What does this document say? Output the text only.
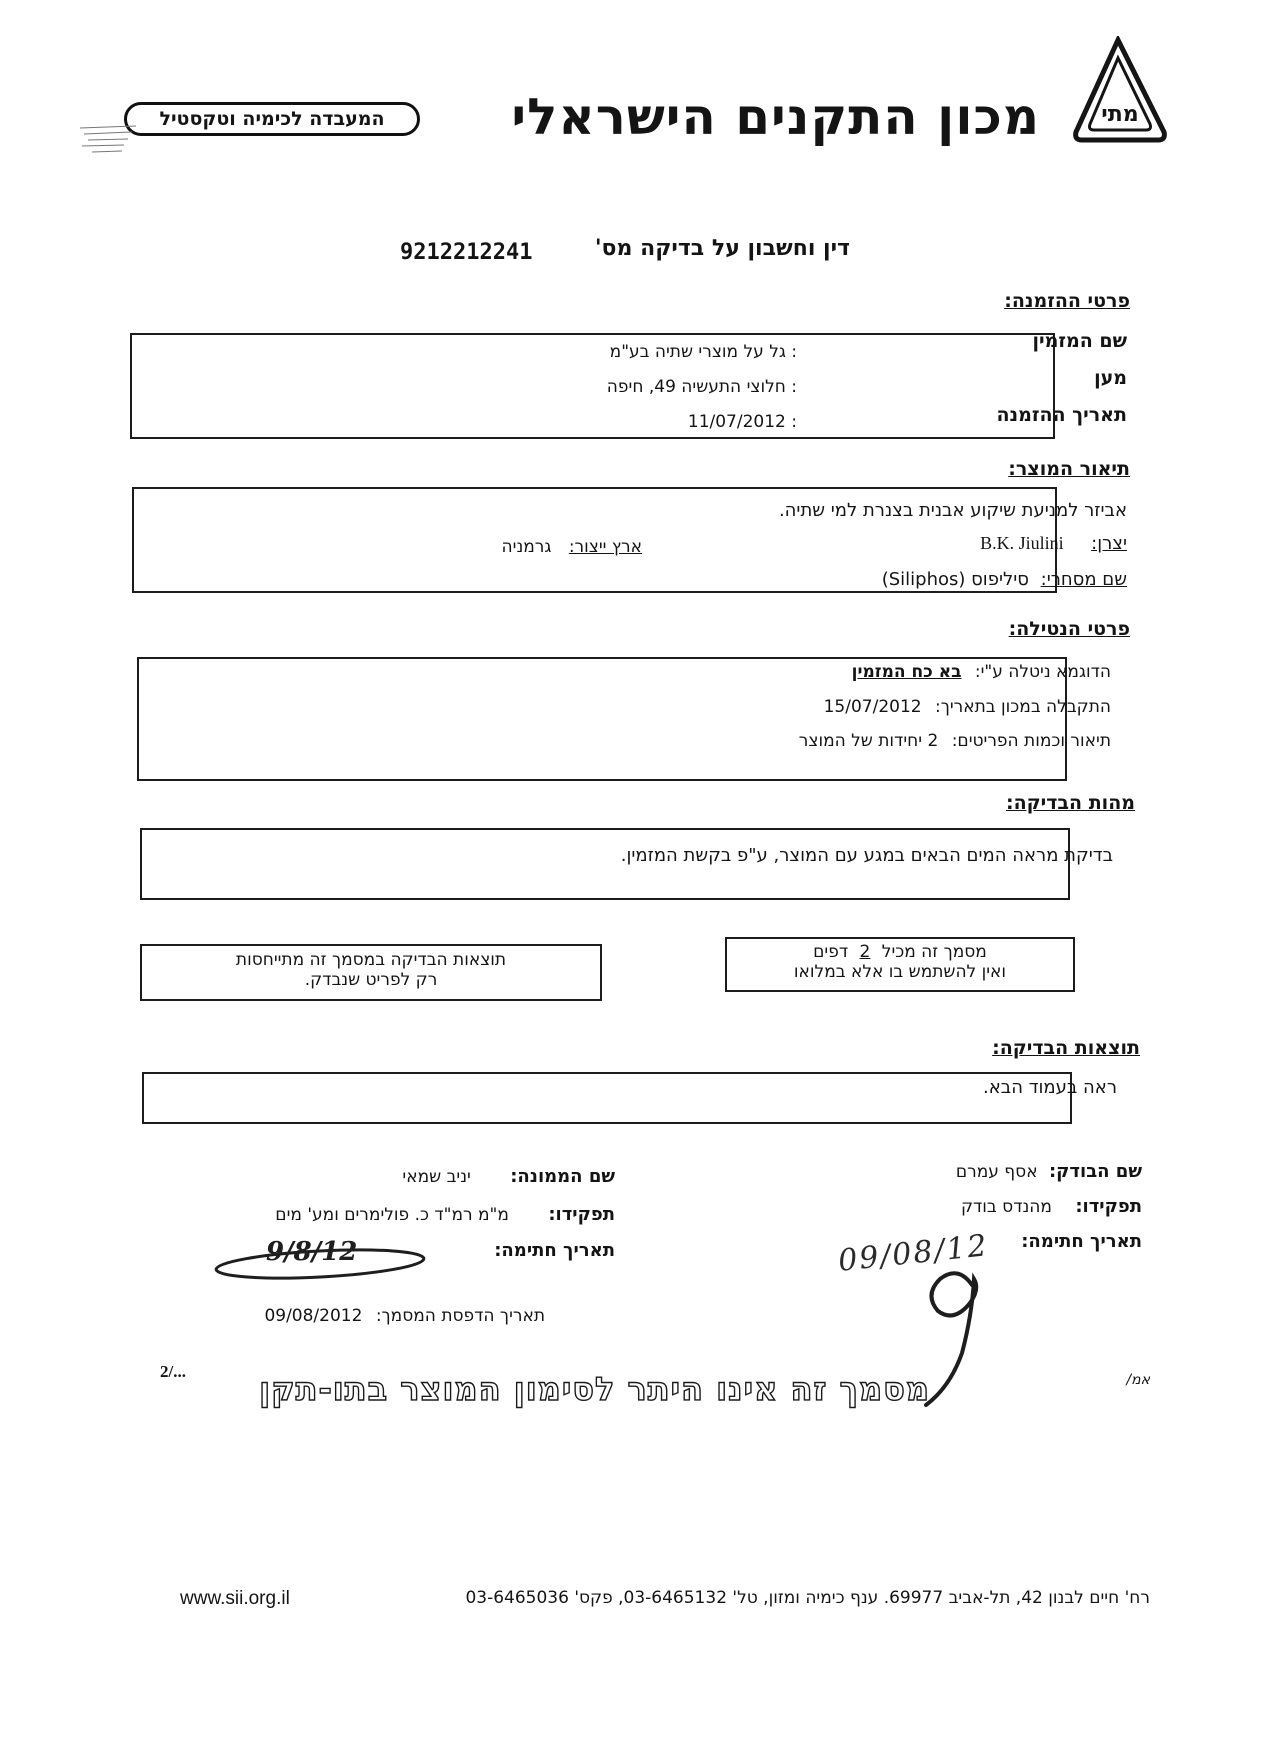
מתי
מכון התקנים הישראלי
המעבדה לכימיה וטקסטיל
דין וחשבון על בדיקה מס'
9212212241
פרטי ההזמנה:
שם המזמין
: גל על מוצרי שתיה בע"מ
מען
: חלוצי התעשיה 49, חיפה
תאריך ההזמנה
: 11/07/2012
תיאור המוצר:
אביזר למניעת שיקוע אבנית בצנרת למי שתיה.
יצרן:  B.K. Jiulini
ארץ ייצור: גרמניה
שם מסחרי: סיליפוס (Siliphos)
פרטי הנטילה:
הדוגמא ניטלה ע"י: בא כח המזמין
התקבלה במכון בתאריך: 15/07/2012
תיאור וכמות הפריטים: 2 יחידות של המוצר
מהות הבדיקה:
בדיקת מראה המים הבאים במגע עם המוצר, ע"פ בקשת המזמין.
מסמך זה מכיל 2 דפים
ואין להשתמש בו אלא במלואו
תוצאות הבדיקה במסמך זה מתייחסות
רק לפריט שנבדק.
תוצאות הבדיקה:
ראה בעמוד הבא.
שם הבודק: אסף עמרם
תפקידו: מהנדס בודק
תאריך חתימה:
09/08/12
שם הממונה: יניב שמאי
תפקידו: מ"מ רמ"ד כ. פולימרים ומע' מים
תאריך חתימה:
9/8/12
תאריך הדפסת המסמך: 09/08/2012
2/...	אמ/
מסמך זה אינו היתר לסימון המוצר בתו-תקן
רח' חיים לבנון 42, תל-אביב 69977. ענף כימיה ומזון, טל' 03-6465132, פקס' 03-6465036
www.sii.org.il
